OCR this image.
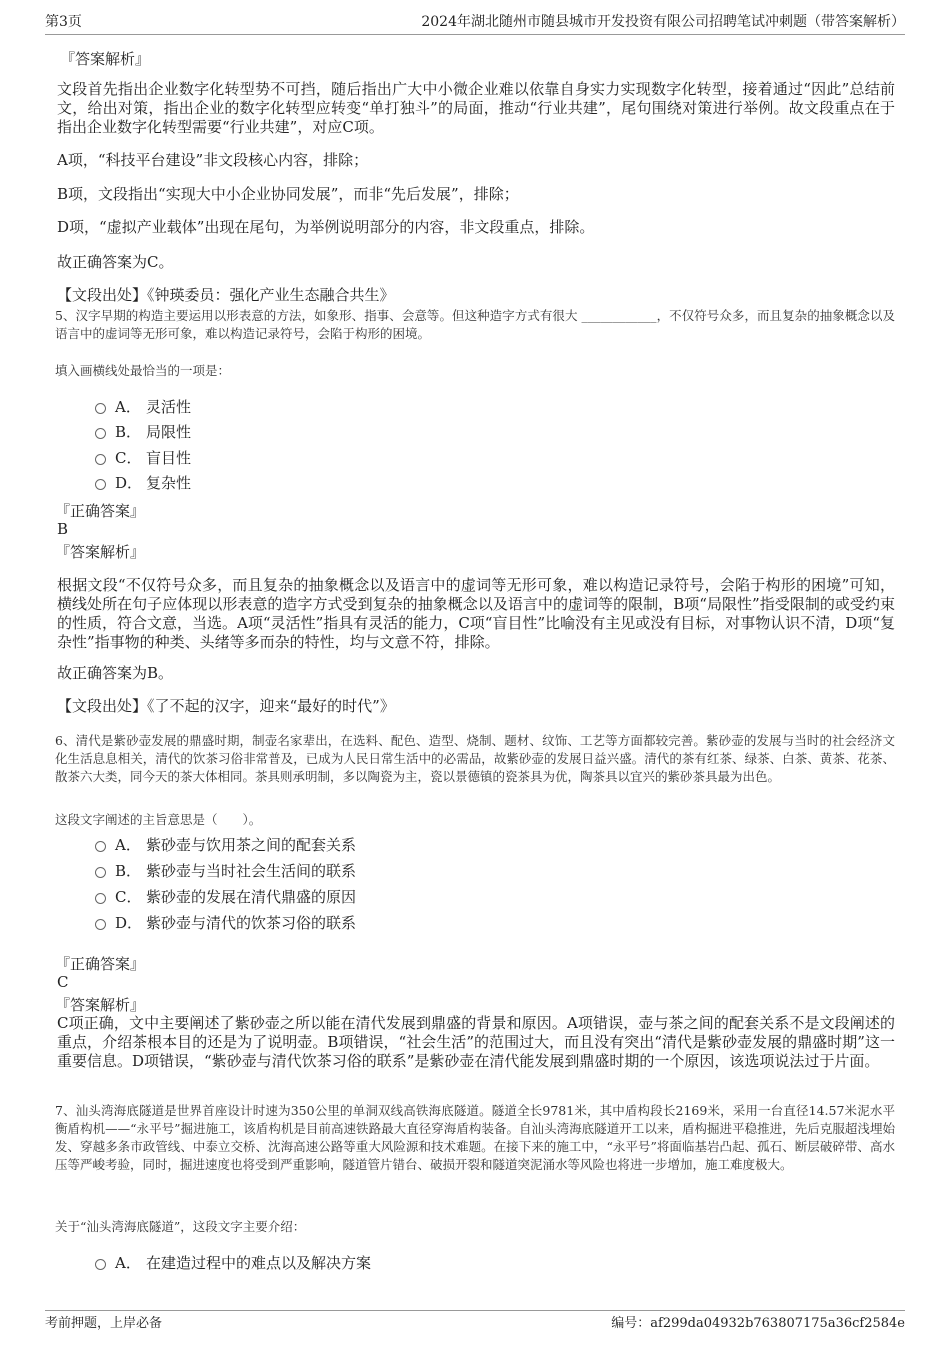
第3页	2024年湖北随州市随县城市开发投资有限公司招聘笔试冲刺题（带答案解析）
『答案解析』
文段首先指出企业数字化转型势不可挡，随后指出广大中小微企业难以依靠自身实力实现数字化转型，接着通过“因此”总结前文，给出对策，指出企业的数字化转型应转变“单打独斗”的局面，推动“行业共建”，尾句围绕对策进行举例。故文段重点在于指出企业数字化转型需要“行业共建”，对应C项。
A项，“科技平台建设”非文段核心内容，排除；
B项，文段指出“实现大中小企业协同发展”，而非“先后发展”，排除；
D项，“虚拟产业载体”出现在尾句，为举例说明部分的内容，非文段重点，排除。
故正确答案为C。
【文段出处】《钟瑛委员：强化产业生态融合共生》
5、汉字早期的构造主要运用以形表意的方法，如象形、指事、会意等。但这种造字方式有很大 ____________，不仅符号众多，而且复杂的抽象概念以及语言中的虚词等无形可象，难以构造记录符号，会陷于构形的困境。
填入画横线处最恰当的一项是：
A． 灵活性
B． 局限性
C． 盲目性
D． 复杂性
『正确答案』
B
『答案解析』
根据文段“不仅符号众多，而且复杂的抽象概念以及语言中的虚词等无形可象，难以构造记录符号，会陷于构形的困境”可知，横线处所在句子应体现以形表意的造字方式受到复杂的抽象概念以及语言中的虚词等的限制，B项“局限性”指受限制的或受约束的性质，符合文意，当选。A项“灵活性”指具有灵活的能力，C项“盲目性”比喻没有主见或没有目标，对事物认识不清，D项“复杂性”指事物的种类、头绪等多而杂的特性，均与文意不符，排除。
故正确答案为B。
【文段出处】《了不起的汉字，迎来“最好的时代”》
6、清代是紫砂壶发展的鼎盛时期，制壶名家辈出，在选料、配色、造型、烧制、题材、纹饰、工艺等方面都较完善。紫砂壶的发展与当时的社会经济文化生活息息相关，清代的饮茶习俗非常普及，已成为人民日常生活中的必需品，故紫砂壶的发展日益兴盛。清代的茶有红茶、绿茶、白茶、黄茶、花茶、散茶六大类，同今天的茶大体相同。茶具则承明制，多以陶瓷为主，瓷以景德镇的瓷茶具为优，陶茶具以宜兴的紫砂茶具最为出色。
这段文字阐述的主旨意思是（　　）。
A． 紫砂壶与饮用茶之间的配套关系
B． 紫砂壶与当时社会生活间的联系
C． 紫砂壶的发展在清代鼎盛的原因
D． 紫砂壶与清代的饮茶习俗的联系
『正确答案』
C
『答案解析』
C项正确，文中主要阐述了紫砂壶之所以能在清代发展到鼎盛的背景和原因。A项错误，壶与茶之间的配套关系不是文段阐述的重点，介绍茶根本目的还是为了说明壶。B项错误，“社会生活”的范围过大，而且没有突出“清代是紫砂壶发展的鼎盛时期”这一重要信息。D项错误，“紫砂壶与清代饮茶习俗的联系”是紫砂壶在清代能发展到鼎盛时期的一个原因，该选项说法过于片面。
7、汕头湾海底隧道是世界首座设计时速为350公里的单洞双线高铁海底隧道。隧道全长9781米，其中盾构段长2169米，采用一台直径14.57米泥水平衡盾构机——“永平号”掘进施工，该盾构机是目前高速铁路最大直径穿海盾构装备。自汕头湾海底隧道开工以来，盾构掘进平稳推进，先后克服超浅埋始发、穿越多条市政管线、中泰立交桥、沈海高速公路等重大风险源和技术难题。在接下来的施工中，“永平号”将面临基岩凸起、孤石、断层破碎带、高水压等严峻考验，同时，掘进速度也将受到严重影响，隧道管片错台、破损开裂和隧道突泥涌水等风险也将进一步增加，施工难度极大。
关于“汕头湾海底隧道”，这段文字主要介绍：
A． 在建造过程中的难点以及解决方案
考前押题，上岸必备	编号：af299da04932b763807175a36cf2584e
